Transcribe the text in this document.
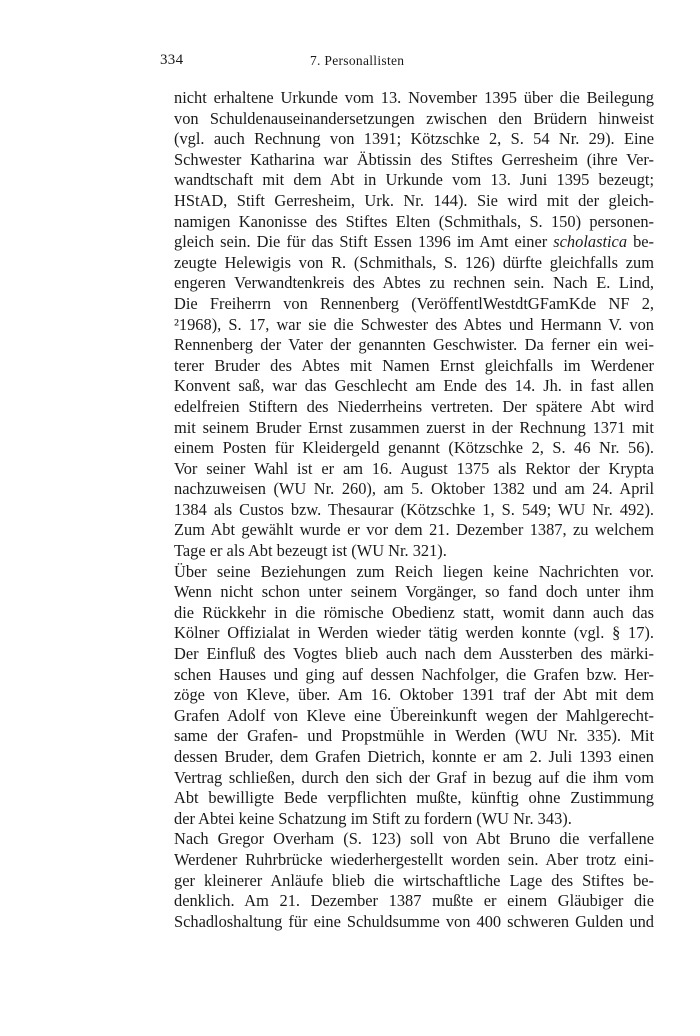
334	7. Personallisten
nicht erhaltene Urkunde vom 13. November 1395 über die Beilegung
von Schuldenauseinandersetzungen zwischen den Brüdern hinweist
(vgl. auch Rechnung von 1391; Kötzschke 2, S. 54 Nr. 29). Eine
Schwester Katharina war Äbtissin des Stiftes Gerresheim (ihre Ver-
wandtschaft mit dem Abt in Urkunde vom 13. Juni 1395 bezeugt;
HStAD, Stift Gerresheim, Urk. Nr. 144). Sie wird mit der gleich-
namigen Kanonisse des Stiftes Elten (Schmithals, S. 150) personen-
gleich sein. Die für das Stift Essen 1396 im Amt einer scholastica be-
zeugte Helewigis von R. (Schmithals, S. 126) dürfte gleichfalls zum
engeren Verwandtenkreis des Abtes zu rechnen sein. Nach E. Lind,
Die Freiherrn von Rennenberg (VeröffentlWestdtGFamKde NF 2,
²1968), S. 17, war sie die Schwester des Abtes und Hermann V. von
Rennenberg der Vater der genannten Geschwister. Da ferner ein wei-
terer Bruder des Abtes mit Namen Ernst gleichfalls im Werdener
Konvent saß, war das Geschlecht am Ende des 14. Jh. in fast allen
edelfreien Stiftern des Niederrheins vertreten. Der spätere Abt wird
mit seinem Bruder Ernst zusammen zuerst in der Rechnung 1371 mit
einem Posten für Kleidergeld genannt (Kötzschke 2, S. 46 Nr. 56).
Vor seiner Wahl ist er am 16. August 1375 als Rektor der Krypta
nachzuweisen (WU Nr. 260), am 5. Oktober 1382 und am 24. April
1384 als Custos bzw. Thesaurar (Kötzschke 1, S. 549; WU Nr. 492).
Zum Abt gewählt wurde er vor dem 21. Dezember 1387, zu welchem
Tage er als Abt bezeugt ist (WU Nr. 321).
Über seine Beziehungen zum Reich liegen keine Nachrichten vor.
Wenn nicht schon unter seinem Vorgänger, so fand doch unter ihm
die Rückkehr in die römische Obedienz statt, womit dann auch das
Kölner Offizialat in Werden wieder tätig werden konnte (vgl. § 17).
Der Einfluß des Vogtes blieb auch nach dem Aussterben des märki-
schen Hauses und ging auf dessen Nachfolger, die Grafen bzw. Her-
zöge von Kleve, über. Am 16. Oktober 1391 traf der Abt mit dem
Grafen Adolf von Kleve eine Übereinkunft wegen der Mahlgerecht-
same der Grafen- und Propstmühle in Werden (WU Nr. 335). Mit
dessen Bruder, dem Grafen Dietrich, konnte er am 2. Juli 1393 einen
Vertrag schließen, durch den sich der Graf in bezug auf die ihm vom
Abt bewilligte Bede verpflichten mußte, künftig ohne Zustimmung
der Abtei keine Schatzung im Stift zu fordern (WU Nr. 343).
Nach Gregor Overham (S. 123) soll von Abt Bruno die verfallene
Werdener Ruhrbrücke wiederhergestellt worden sein. Aber trotz eini-
ger kleinerer Anläufe blieb die wirtschaftliche Lage des Stiftes be-
denklich. Am 21. Dezember 1387 mußte er einem Gläubiger die
Schadloshaltung für eine Schuldsumme von 400 schweren Gulden und
